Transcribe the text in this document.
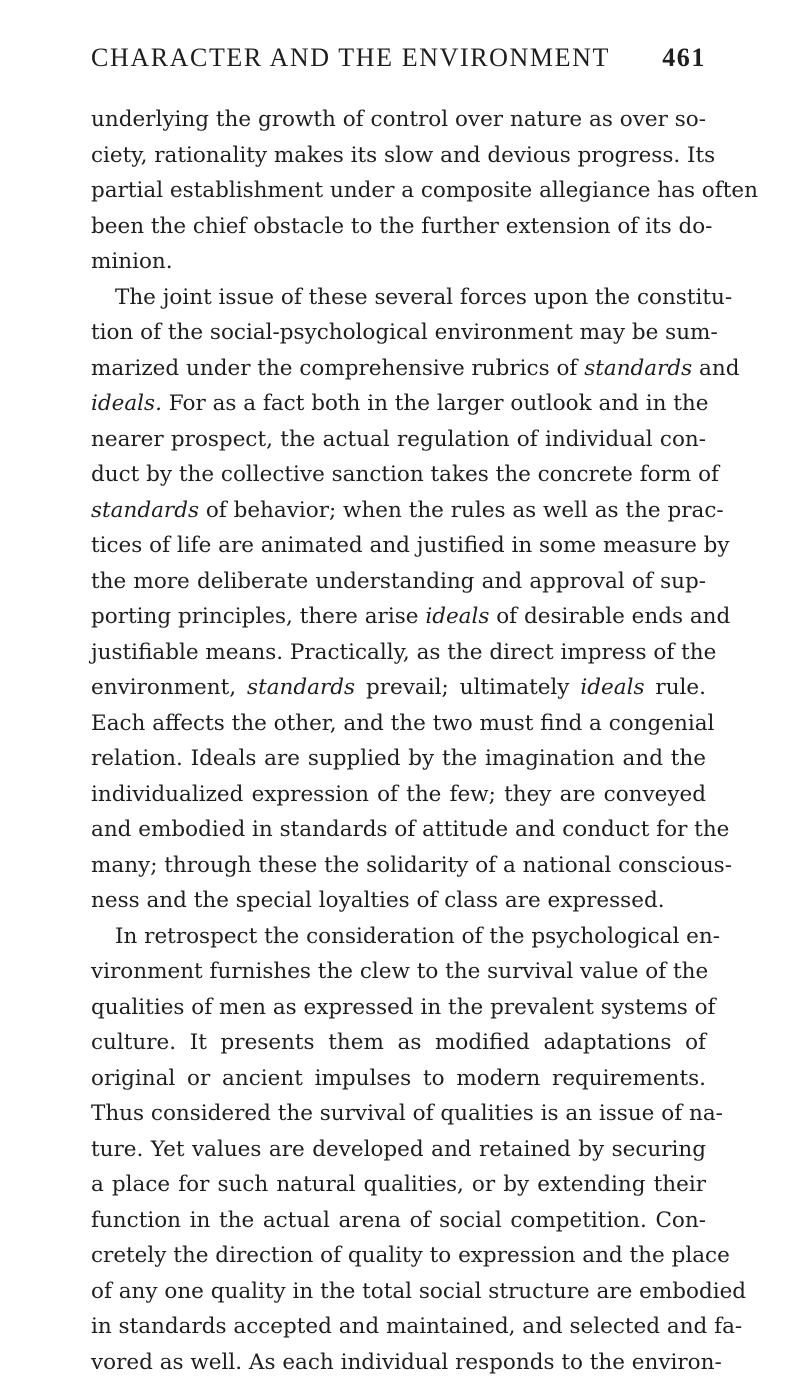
CHARACTER AND THE ENVIRONMENT 461
underlying the growth of control over nature as over so-
ciety, rationality makes its slow and devious progress. Its
partial establishment under a composite allegiance has often
been the chief obstacle to the further extension of its do-
minion.
The joint issue of these several forces upon the constitu-
tion of the social-psychological environment may be sum-
marized under the comprehensive rubrics of standards and
ideals. For as a fact both in the larger outlook and in the
nearer prospect, the actual regulation of individual con-
duct by the collective sanction takes the concrete form of
standards of behavior; when the rules as well as the prac-
tices of life are animated and justified in some measure by
the more deliberate understanding and approval of sup-
porting principles, there arise ideals of desirable ends and
justifiable means. Practically, as the direct impress of the
environment, standards prevail; ultimately ideals rule.
Each affects the other, and the two must find a congenial
relation. Ideals are supplied by the imagination and the
individualized expression of the few; they are conveyed
and embodied in standards of attitude and conduct for the
many; through these the solidarity of a national conscious-
ness and the special loyalties of class are expressed.
In retrospect the consideration of the psychological en-
vironment furnishes the clew to the survival value of the
qualities of men as expressed in the prevalent systems of
culture. It presents them as modified adaptations of
original or ancient impulses to modern requirements.
Thus considered the survival of qualities is an issue of na-
ture. Yet values are developed and retained by securing
a place for such natural qualities, or by extending their
function in the actual arena of social competition. Con-
cretely the direction of quality to expression and the place
of any one quality in the total social structure are embodied
in standards accepted and maintained, and selected and fa-
vored as well. As each individual responds to the environ-
